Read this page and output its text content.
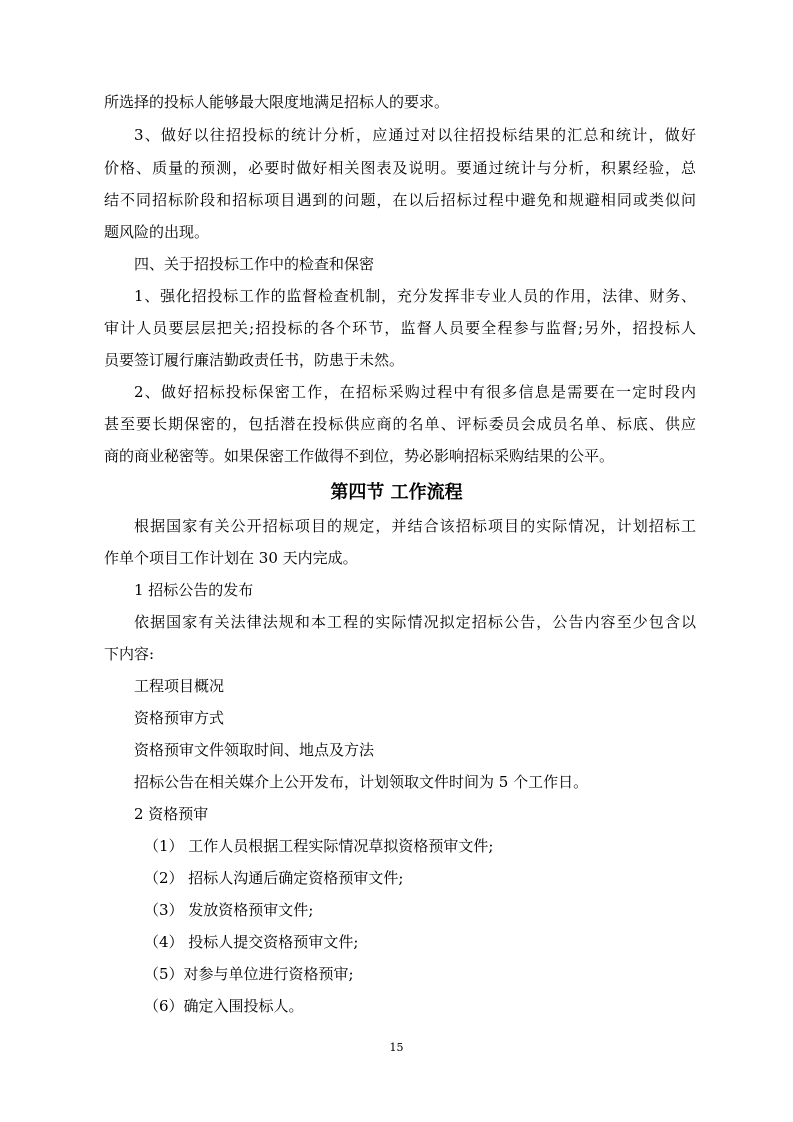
所选择的投标人能够最大限度地满足招标人的要求。
3、做好以往招投标的统计分析，应通过对以往招投标结果的汇总和统计，做好
价格、质量的预测，必要时做好相关图表及说明。要通过统计与分析，积累经验，总
结不同招标阶段和招标项目遇到的问题，在以后招标过程中避免和规避相同或类似问
题风险的出现。
四、关于招投标工作中的检查和保密
1、强化招投标工作的监督检查机制，充分发挥非专业人员的作用，法律、财务、
审计人员要层层把关;招投标的各个环节，监督人员要全程参与监督;另外，招投标人
员要签订履行廉洁勤政责任书，防患于未然。
2、做好招标投标保密工作，在招标采购过程中有很多信息是需要在一定时段内
甚至要长期保密的，包括潜在投标供应商的名单、评标委员会成员名单、标底、供应
商的商业秘密等。如果保密工作做得不到位，势必影响招标采购结果的公平。
第四节 工作流程
根据国家有关公开招标项目的规定，并结合该招标项目的实际情况，计划招标工
作单个项目工作计划在 30 天内完成。
1 招标公告的发布
依据国家有关法律法规和本工程的实际情况拟定招标公告，公告内容至少包含以
下内容:
工程项目概况
资格预审方式
资格预审文件领取时间、地点及方法
招标公告在相关媒介上公开发布，计划领取文件时间为 5 个工作日。
2 资格预审
（1） 工作人员根据工程实际情况草拟资格预审文件;
（2） 招标人沟通后确定资格预审文件;
（3） 发放资格预审文件;
（4） 投标人提交资格预审文件;
（5）对参与单位进行资格预审;
（6）确定入围投标人。
15
